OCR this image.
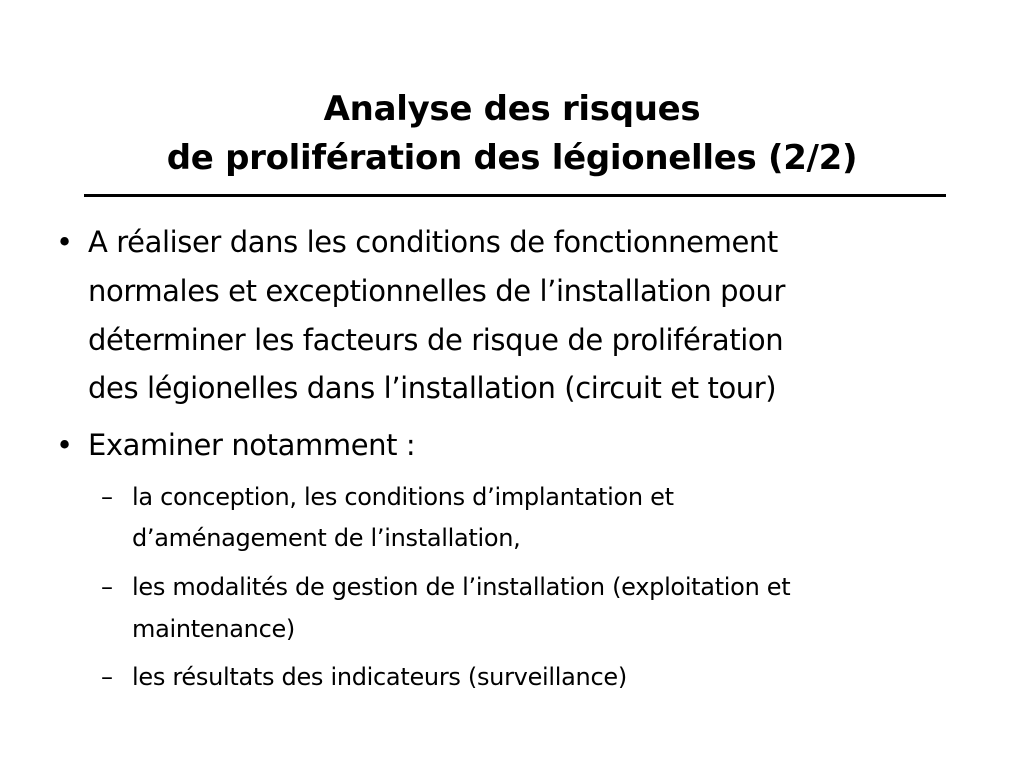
Analyse des risques
de prolifération des légionelles (2/2)
• A réaliser dans les conditions de fonctionnement
normales et exceptionnelles de l’installation pour
déterminer les facteurs de risque de prolifération
des légionelles dans l’installation (circuit et tour)
• Examiner notamment :
– la conception, les conditions d’implantation et
d’aménagement de l’installation,
– les modalités de gestion de l’installation (exploitation et
maintenance)
– les résultats des indicateurs (surveillance)
